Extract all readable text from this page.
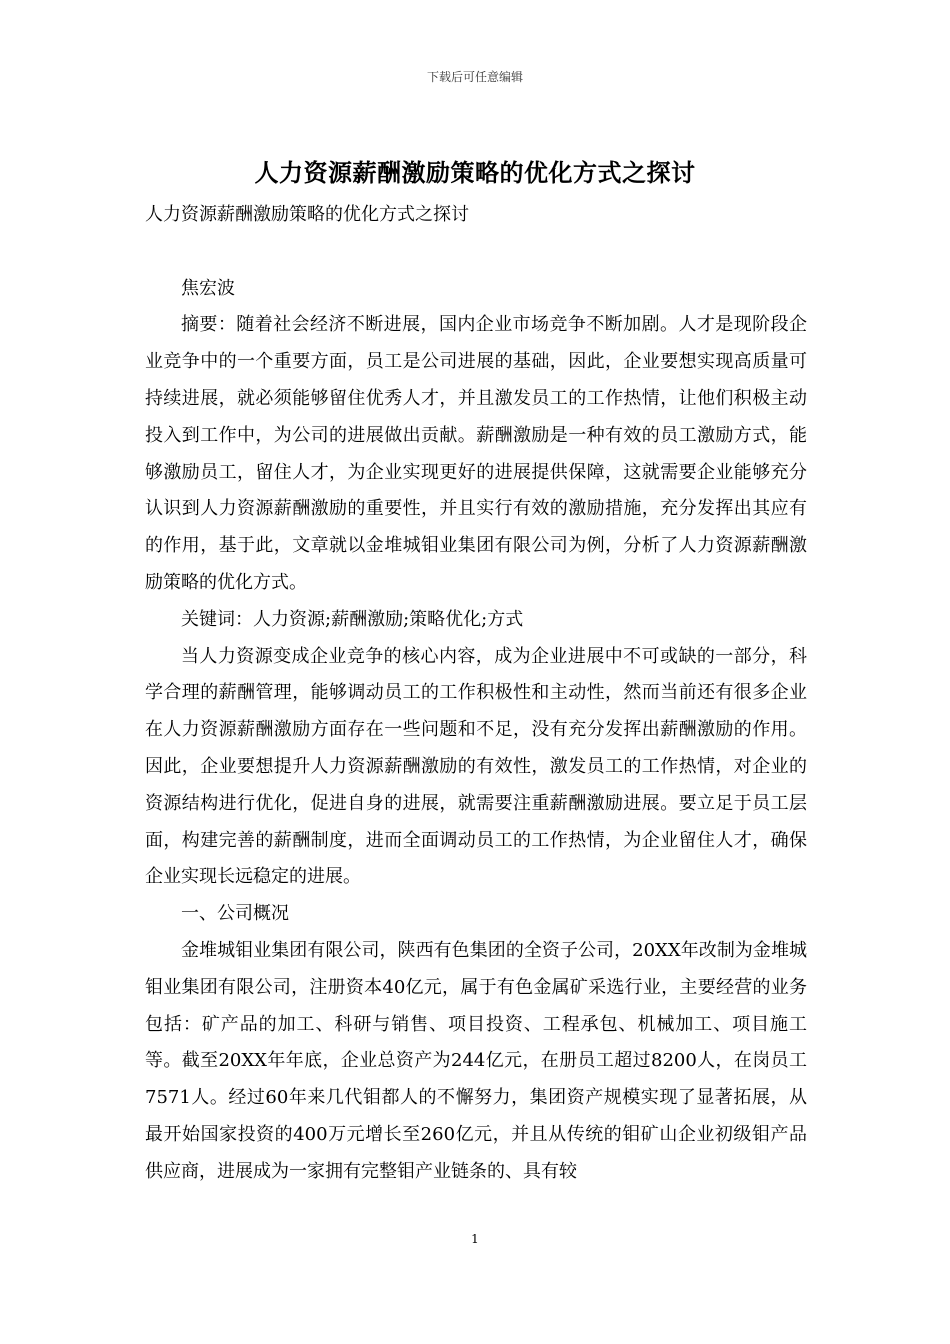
下载后可任意编辑
人力资源薪酬激励策略的优化方式之探讨

人力资源薪酬激励策略的优化方式之探讨

焦宏波

摘要：随着社会经济不断进展，国内企业市场竞争不断加剧。人才是现阶段企业竞争中的一个重要方面，员工是公司进展的基础，因此，企业要想实现高质量可持续进展，就必须能够留住优秀人才，并且激发员工的工作热情，让他们积极主动投入到工作中，为公司的进展做出贡献。薪酬激励是一种有效的员工激励方式，能够激励员工，留住人才，为企业实现更好的进展提供保障，这就需要企业能够充分认识到人力资源薪酬激励的重要性，并且实行有效的激励措施，充分发挥出其应有的作用，基于此，文章就以金堆城钼业集团有限公司为例，分析了人力资源薪酬激励策略的优化方式。

关键词：人力资源;薪酬激励;策略优化;方式

当人力资源变成企业竞争的核心内容，成为企业进展中不可或缺的一部分，科学合理的薪酬管理，能够调动员工的工作积极性和主动性，然而当前还有很多企业在人力资源薪酬激励方面存在一些问题和不足，没有充分发挥出薪酬激励的作用。因此，企业要想提升人力资源薪酬激励的有效性，激发员工的工作热情，对企业的资源结构进行优化，促进自身的进展，就需要注重薪酬激励进展。要立足于员工层面，构建完善的薪酬制度，进而全面调动员工的工作热情，为企业留住人才，确保企业实现长远稳定的进展。

一、公司概况

金堆城钼业集团有限公司，陕西有色集团的全资子公司，20XX年改制为金堆城钼业集团有限公司，注册资本40亿元，属于有色金属矿采选行业，主要经营的业务包括：矿产品的加工、科研与销售、项目投资、工程承包、机械加工、项目施工等。截至20XX年年底，企业总资产为244亿元，在册员工超过8200人，在岗员工7571人。经过60年来几代钼都人的不懈努力，集团资产规模实现了显著拓展，从最开始国家投资的400万元增长至260亿元，并且从传统的钼矿山企业初级钼产品供应商，进展成为一家拥有完整钼产业链条的、具有较

1
